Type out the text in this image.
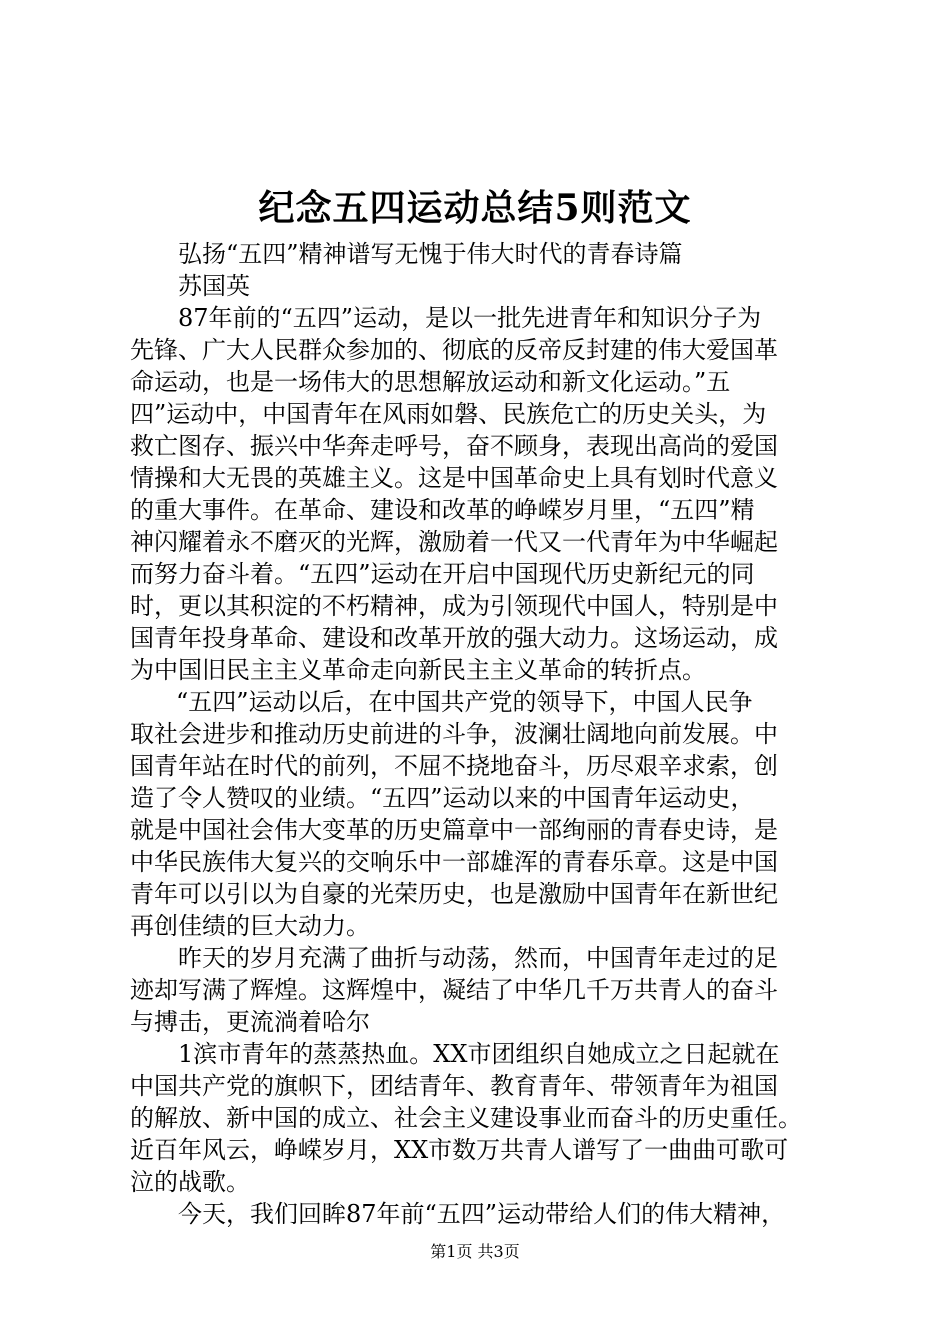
纪念五四运动总结5则范文
弘扬“五四”精神谱写无愧于伟大时代的青春诗篇
苏国英
87年前的“五四”运动，是以一批先进青年和知识分子为
先锋、广大人民群众参加的、彻底的反帝反封建的伟大爱国革
命运动，也是一场伟大的思想解放运动和新文化运动。”五
四”运动中，中国青年在风雨如磐、民族危亡的历史关头，为
救亡图存、振兴中华奔走呼号，奋不顾身，表现出高尚的爱国
情操和大无畏的英雄主义。这是中国革命史上具有划时代意义
的重大事件。在革命、建设和改革的峥嵘岁月里，“五四”精
神闪耀着永不磨灭的光辉，激励着一代又一代青年为中华崛起
而努力奋斗着。“五四”运动在开启中国现代历史新纪元的同
时，更以其积淀的不朽精神，成为引领现代中国人，特别是中
国青年投身革命、建设和改革开放的强大动力。这场运动，成
为中国旧民主主义革命走向新民主主义革命的转折点。
“五四”运动以后，在中国共产党的领导下，中国人民争
取社会进步和推动历史前进的斗争，波澜壮阔地向前发展。中
国青年站在时代的前列，不屈不挠地奋斗，历尽艰辛求索，创
造了令人赞叹的业绩。“五四”运动以来的中国青年运动史，
就是中国社会伟大变革的历史篇章中一部绚丽的青春史诗，是
中华民族伟大复兴的交响乐中一部雄浑的青春乐章。这是中国
青年可以引以为自豪的光荣历史，也是激励中国青年在新世纪
再创佳绩的巨大动力。
昨天的岁月充满了曲折与动荡，然而，中国青年走过的足
迹却写满了辉煌。这辉煌中，凝结了中华几千万共青人的奋斗
与搏击，更流淌着哈尔
1滨市青年的蒸蒸热血。XX市团组织自她成立之日起就在
中国共产党的旗帜下，团结青年、教育青年、带领青年为祖国
的解放、新中国的成立、社会主义建设事业而奋斗的历史重任。
近百年风云，峥嵘岁月，XX市数万共青人谱写了一曲曲可歌可
泣的战歌。
今天，我们回眸87年前“五四”运动带给人们的伟大精神，
第1页 共3页
